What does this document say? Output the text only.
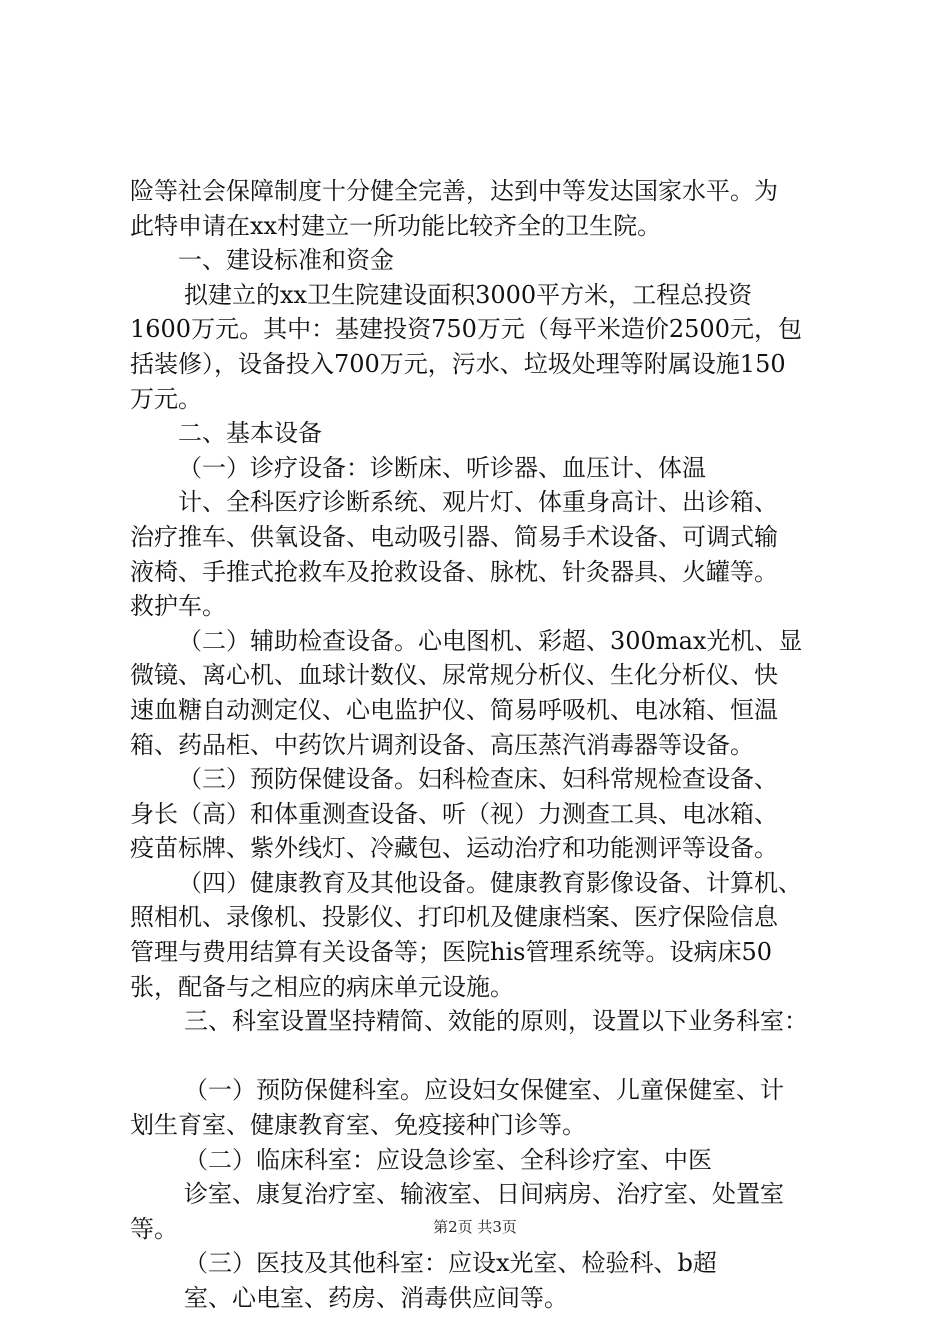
险等社会保障制度十分健全完善，达到中等发达国家水平。为
此特申请在xx村建立一所功能比较齐全的卫生院。
一、建设标准和资金
拟建立的xx卫生院建设面积3000平方米，工程总投资
1600万元。其中：基建投资750万元（每平米造价2500元，包
括装修），设备投入700万元，污水、垃圾处理等附属设施150
万元。
二、基本设备
（一）诊疗设备：诊断床、听诊器、血压计、体温
计、全科医疗诊断系统、观片灯、体重身高计、出诊箱、
治疗推车、供氧设备、电动吸引器、简易手术设备、可调式输
液椅、手推式抢救车及抢救设备、脉枕、针灸器具、火罐等。
救护车。
（二）辅助检查设备。心电图机、彩超、300max光机、显
微镜、离心机、血球计数仪、尿常规分析仪、生化分析仪、快
速血糖自动测定仪、心电监护仪、简易呼吸机、电冰箱、恒温
箱、药品柜、中药饮片调剂设备、高压蒸汽消毒器等设备。
（三）预防保健设备。妇科检查床、妇科常规检查设备、
身长（高）和体重测查设备、听（视）力测查工具、电冰箱、
疫苗标牌、紫外线灯、冷藏包、运动治疗和功能测评等设备。
（四）健康教育及其他设备。健康教育影像设备、计算机、
照相机、录像机、投影仪、打印机及健康档案、医疗保险信息
管理与费用结算有关设备等；医院his管理系统等。设病床50
张，配备与之相应的病床单元设施。
三、科室设置坚持精简、效能的原则，设置以下业务科室：
（一）预防保健科室。应设妇女保健室、儿童保健室、计
划生育室、健康教育室、免疫接种门诊等。
（二）临床科室：应设急诊室、全科诊疗室、中医
诊室、康复治疗室、输液室、日间病房、治疗室、处置室
等。
（三）医技及其他科室：应设x光室、检验科、b超
室、心电室、药房、消毒供应间等。
第2页 共3页
